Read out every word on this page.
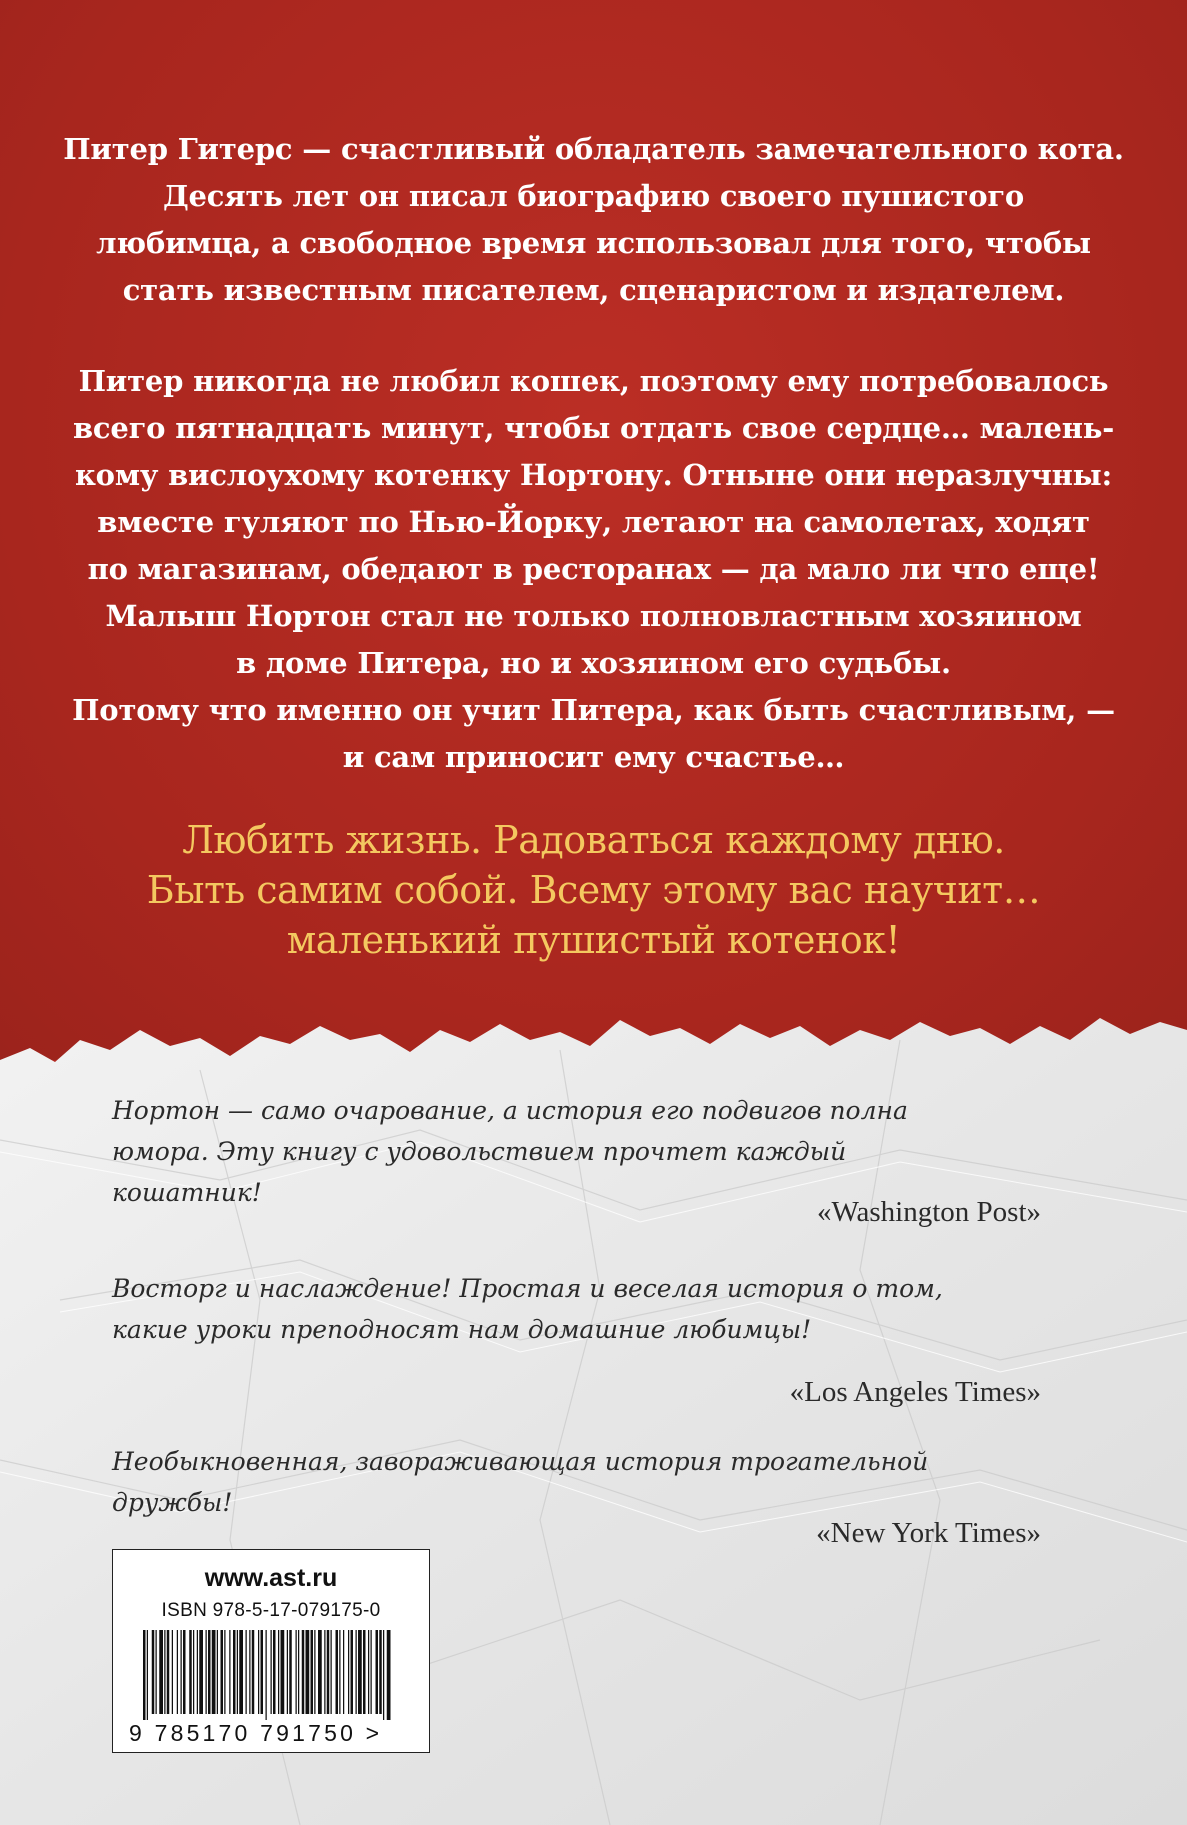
Питер Гитерс — счастливый обладатель замечательного кота.
Десять лет он писал биографию своего пушистого
любимца, а свободное время использовал для того, чтобы
стать известным писателем, сценаристом и издателем.

Питер никогда не любил кошек, поэтому ему потребовалось
всего пятнадцать минут, чтобы отдать свое сердце… малень-
кому вислоухому котенку Нортону. Отныне они неразлучны:
вместе гуляют по Нью-Йорку, летают на самолетах, ходят
по магазинам, обедают в ресторанах — да мало ли что еще!
Малыш Нортон стал не только полновластным хозяином
в доме Питера, но и хозяином его судьбы.
Потому что именно он учит Питера, как быть счастливым, —
и сам приносит ему счастье…

Любить жизнь. Радоваться каждому дню.
Быть самим собой. Всему этому вас научит…
маленький пушистый котенок!
Нортон — само очарование, а история его подвигов полна
юмора. Эту книгу с удовольствием прочтет каждый
кошатник!
«Washington Post»
Восторг и наслаждение! Простая и веселая история о том,
какие уроки преподносят нам домашние любимцы!
«Los Angeles Times»
Необыкновенная, завораживающая история трогательной
дружбы!
«New York Times»
www.ast.ru
ISBN 978-5-17-079175-0
9 785170 791750 >
